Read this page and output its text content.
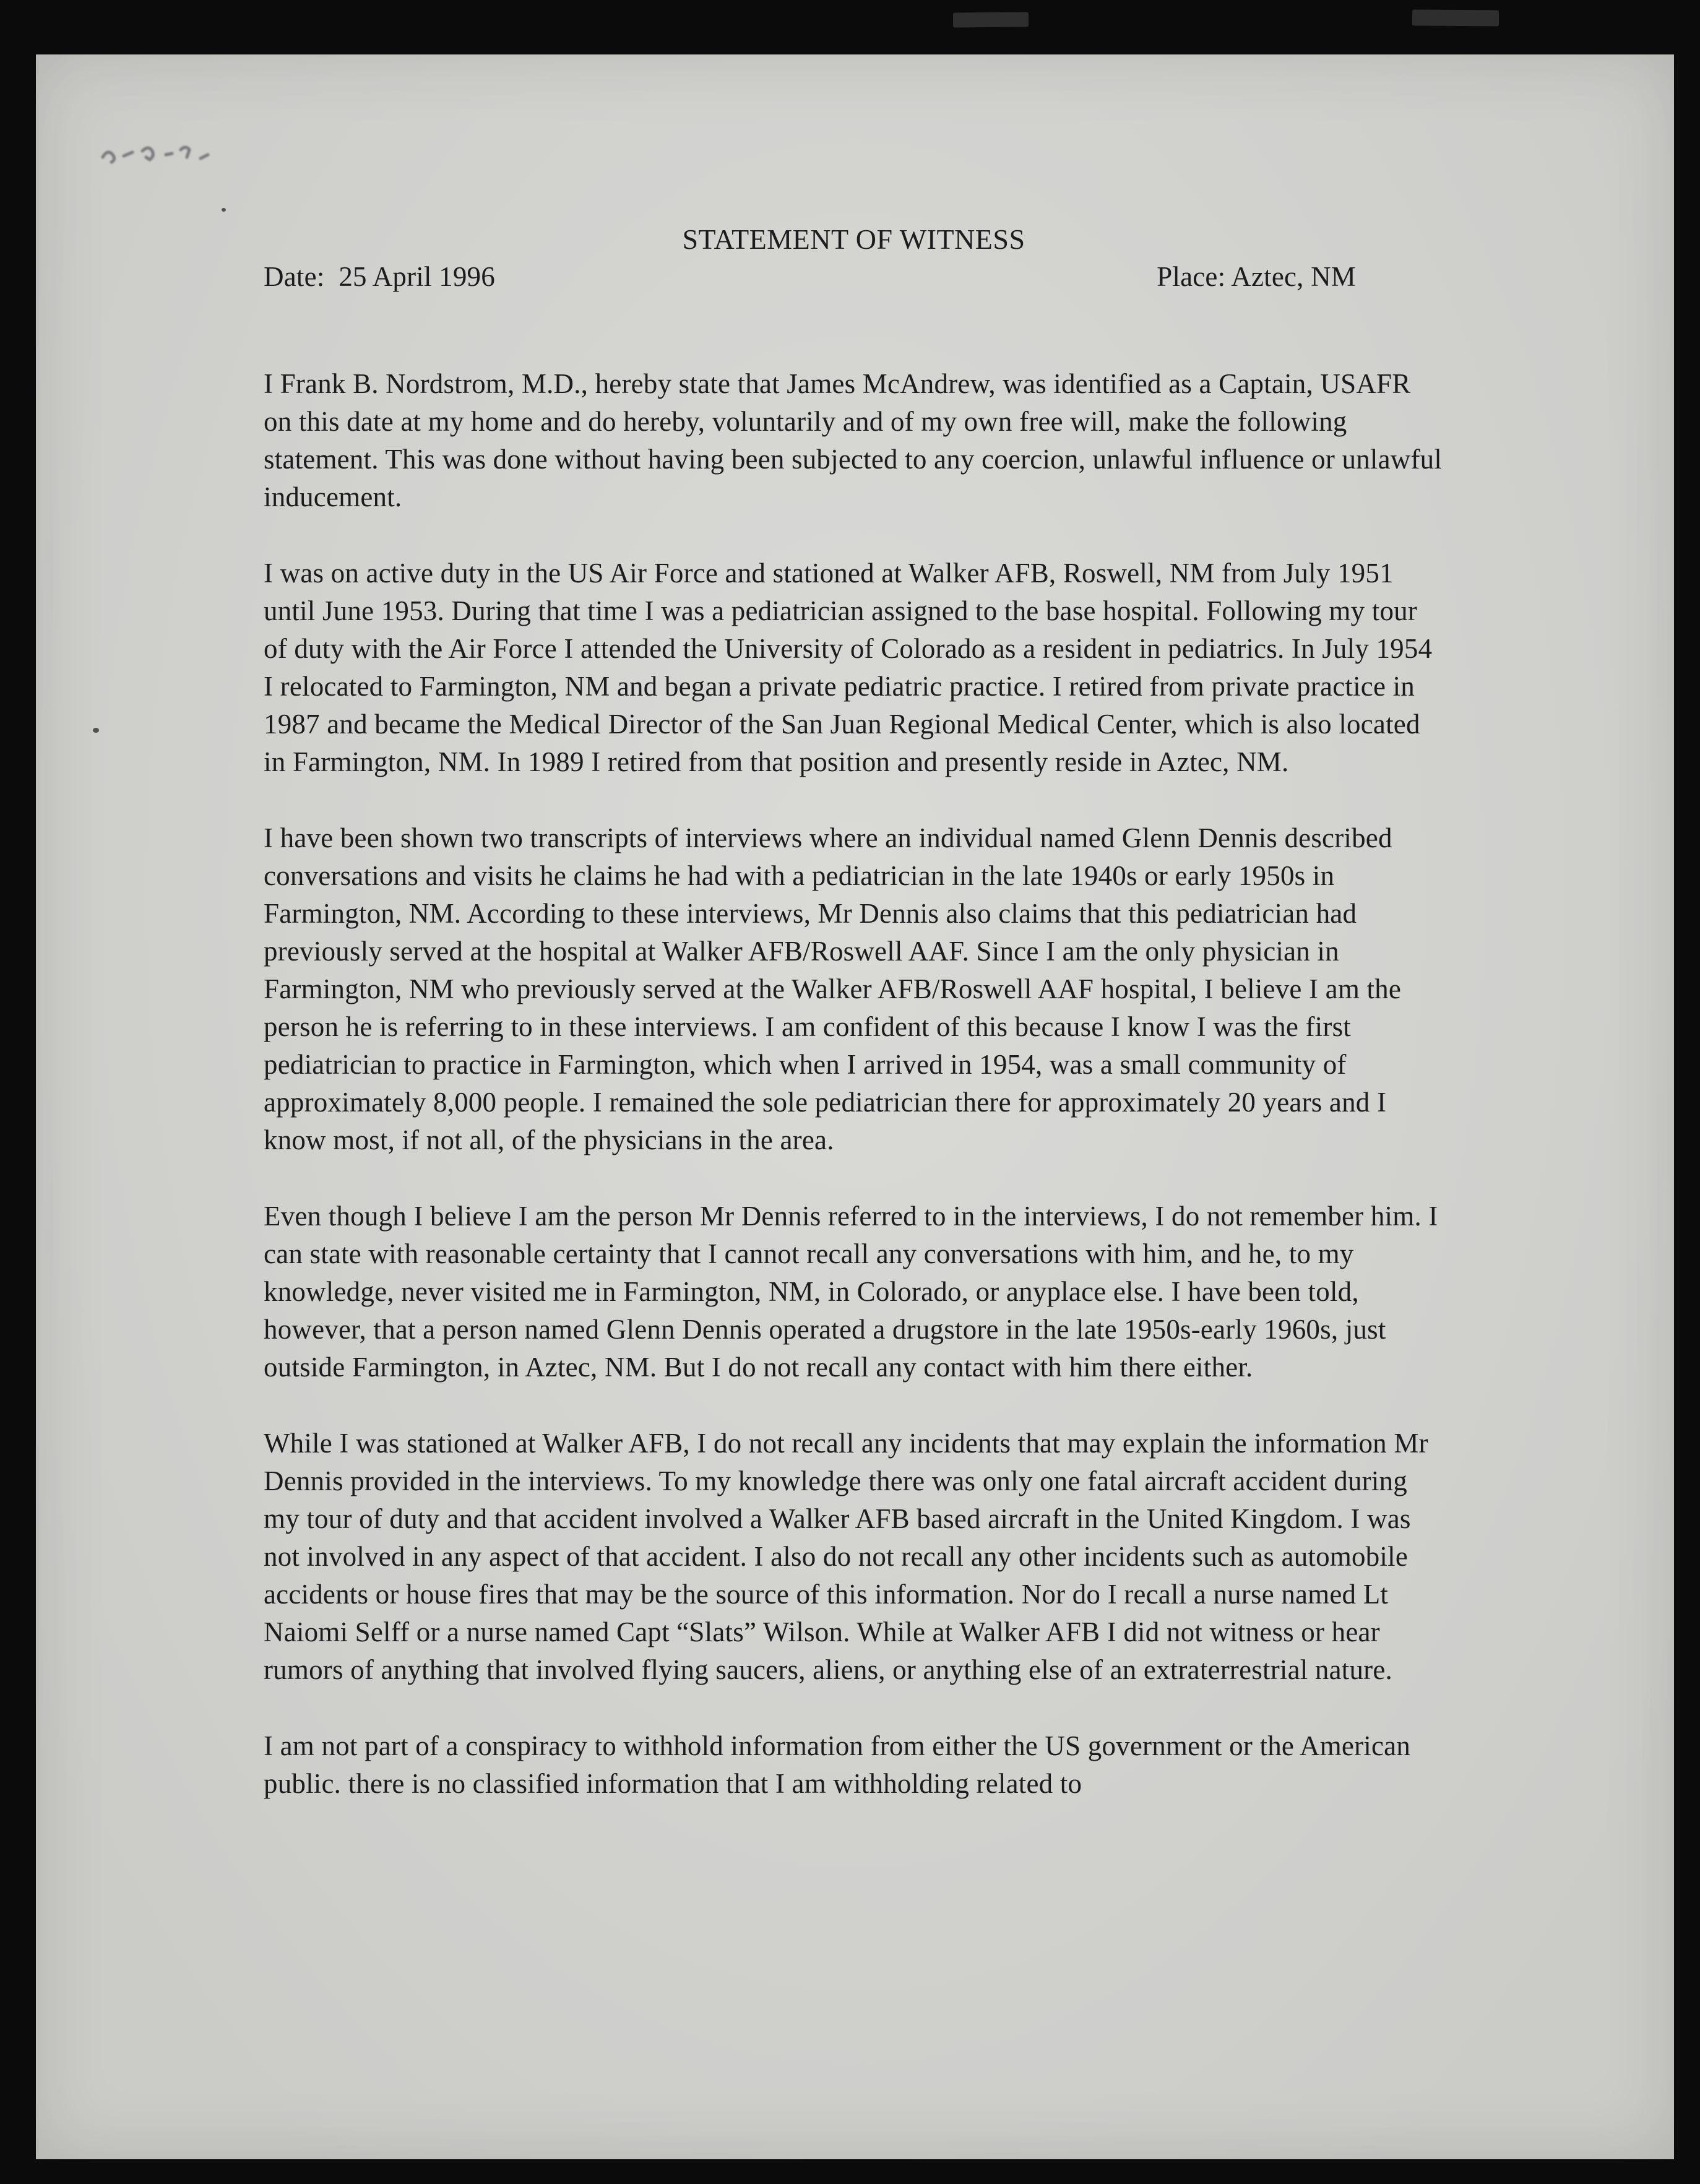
STATEMENT OF WITNESS
Date:  25 April 1996	Place: Aztec, NM

I Frank B. Nordstrom, M.D., hereby state that James McAndrew, was identified as a Captain, USAFR on this date at my home and do hereby, voluntarily and of my own free will, make the following statement. This was done without having been subjected to any coercion, unlawful influence or unlawful inducement.

I was on active duty in the US Air Force and stationed at Walker AFB, Roswell, NM from July 1951 until June 1953. During that time I was a pediatrician assigned to the base hospital. Following my tour of duty with the Air Force I attended the University of Colorado as a resident in pediatrics. In July 1954 I relocated to Farmington, NM and began a private pediatric practice. I retired from private practice in 1987 and became the Medical Director of the San Juan Regional Medical Center, which is also located in Farmington, NM. In 1989 I retired from that position and presently reside in Aztec, NM.

I have been shown two transcripts of interviews where an individual named Glenn Dennis described conversations and visits he claims he had with a pediatrician in the late 1940s or early 1950s in Farmington, NM. According to these interviews, Mr Dennis also claims that this pediatrician had previously served at the hospital at Walker AFB/Roswell AAF. Since I am the only physician in Farmington, NM who previously served at the Walker AFB/Roswell AAF hospital, I believe I am the person he is referring to in these interviews. I am confident of this because I know I was the first pediatrician to practice in Farmington, which when I arrived in 1954, was a small community of approximately 8,000 people. I remained the sole pediatrician there for approximately 20 years and I know most, if not all, of the physicians in the area.

Even though I believe I am the person Mr Dennis referred to in the interviews, I do not remember him. I can state with reasonable certainty that I cannot recall any conversations with him, and he, to my knowledge, never visited me in Farmington, NM, in Colorado, or anyplace else. I have been told, however, that a person named Glenn Dennis operated a drugstore in the late 1950s-early 1960s, just outside Farmington, in Aztec, NM. But I do not recall any contact with him there either.

While I was stationed at Walker AFB, I do not recall any incidents that may explain the information Mr Dennis provided in the interviews. To my knowledge there was only one fatal aircraft accident during my tour of duty and that accident involved a Walker AFB based aircraft in the United Kingdom. I was not involved in any aspect of that accident. I also do not recall any other incidents such as automobile accidents or house fires that may be the source of this information. Nor do I recall a nurse named Lt Naiomi Selff or a nurse named Capt “Slats” Wilson. While at Walker AFB I did not witness or hear rumors of anything that involved flying saucers, aliens, or anything else of an extraterrestrial nature.

I am not part of a conspiracy to withhold information from either the US government or the American public. there is no classified information that I am withholding related to
